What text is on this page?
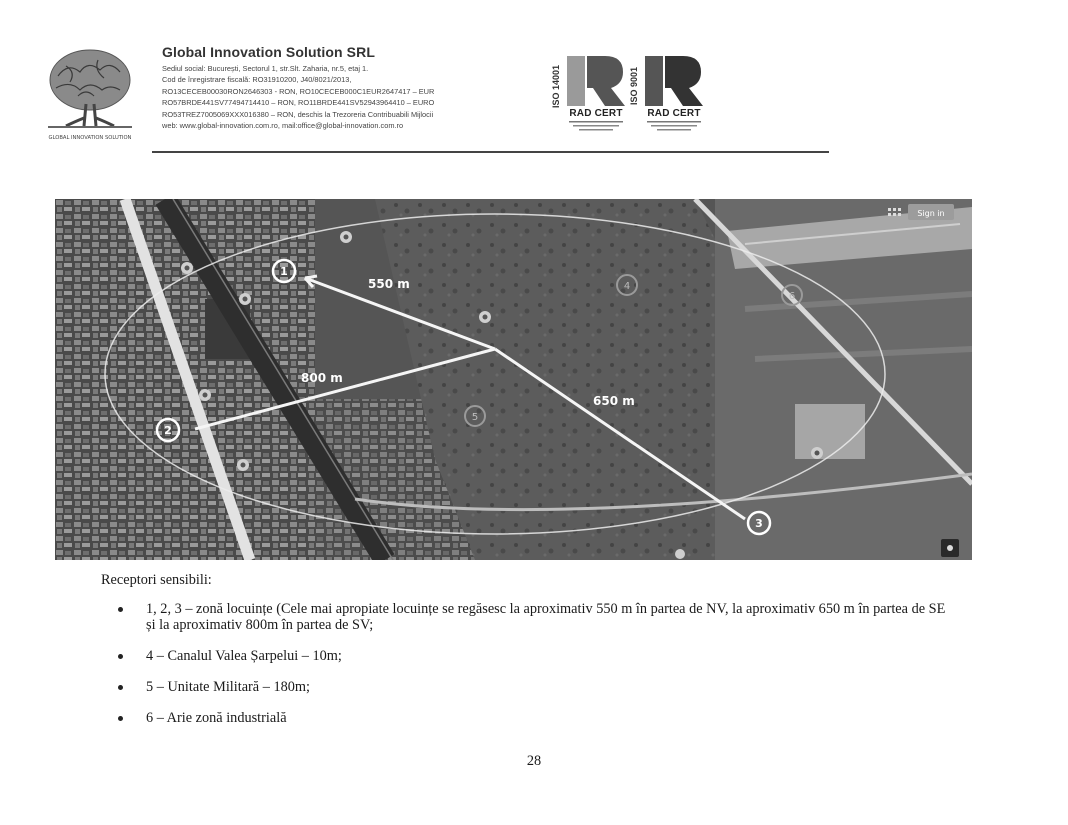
GLOBAL INNOVATION SOLUTION
Global Innovation Solution SRL
Sediul social: București, Sectorul 1, str.Slt. Zaharia, nr.5, etaj 1.
Cod de înregistrare fiscală: RO31910200, J40/8021/2013,
RO13CECEB00030RON2646303 - RON, RO10CECEB000C1EUR2647417 – EUR
RO57BRDE441SV77494714410 – RON, RO11BRDE441SV52943964410 – EURO
RO53TREZ7005069XXX016380 – RON, deschis la Trezoreria Contribuabili Mijlocii
web: www.global-innovation.com.ro, mail:office@global-innovation.com.ro
ISO 14001
RAD CERT
ISO 9001
RAD CERT
550 m
800 m
650 m
1
2
3
4
5
6
Sign in
Receptori sensibili:
1, 2, 3 – zonă locuințe (Cele mai apropiate locuințe se regăsesc la aproximativ 550 m în partea de NV, la aproximativ 650 m în partea de SE și la aproximativ 800m în partea de SV;
4 – Canalul Valea Șarpelui – 10m;
5 – Unitate Militară – 180m;
6 – Arie zonă industrială
28
